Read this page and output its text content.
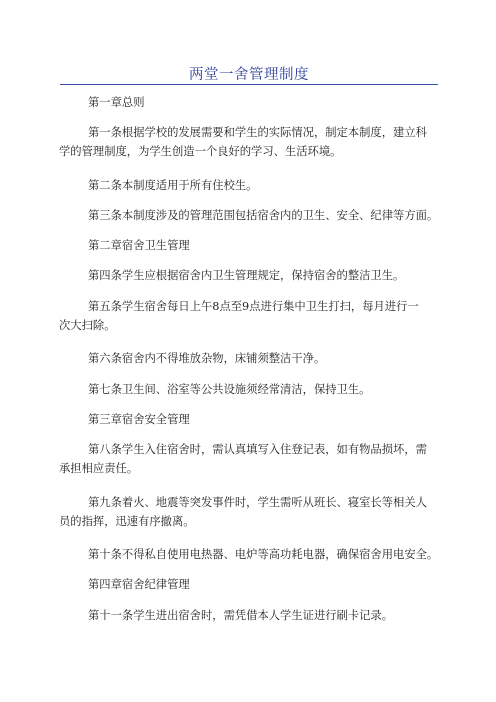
两堂一舍管理制度
第一章总则
第一条根据学校的发展需要和学生的实际情况，制定本制度，建立科
学的管理制度，为学生创造一个良好的学习、生活环境。
第二条本制度适用于所有住校生。
第三条本制度涉及的管理范围包括宿舍内的卫生、安全、纪律等方面。
第二章宿舍卫生管理
第四条学生应根据宿舍内卫生管理规定，保持宿舍的整洁卫生。
第五条学生宿舍每日上午8点至9点进行集中卫生打扫，每月进行一
次大扫除。
第六条宿舍内不得堆放杂物，床铺须整洁干净。
第七条卫生间、浴室等公共设施须经常清洁，保持卫生。
第三章宿舍安全管理
第八条学生入住宿舍时，需认真填写入住登记表，如有物品损坏，需
承担相应责任。
第九条着火、地震等突发事件时，学生需听从班长、寝室长等相关人
员的指挥，迅速有序撤离。
第十条不得私自使用电热器、电炉等高功耗电器，确保宿舍用电安全。
第四章宿舍纪律管理
第十一条学生进出宿舍时，需凭借本人学生证进行刷卡记录。
